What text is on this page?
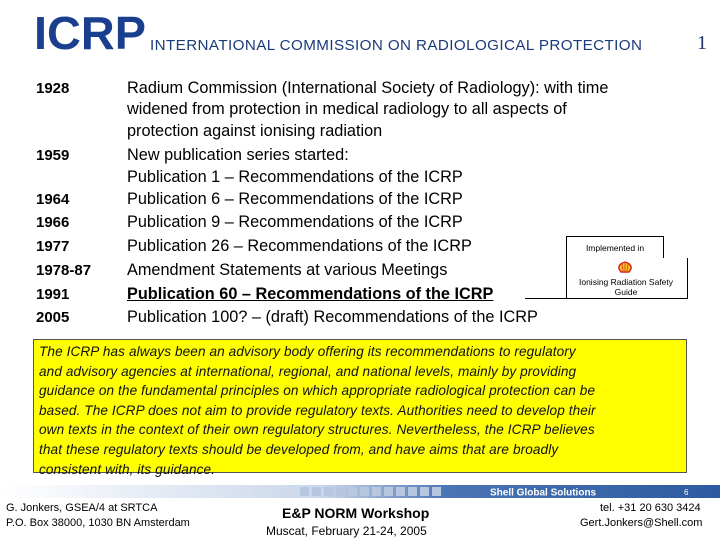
ICRP INTERNATIONAL COMMISSION ON RADIOLOGICAL PROTECTION	1
1928	Radium Commission (International Society of Radiology): with time
widened from protection in medical radiology to all aspects of
protection against ionising radiation
1959	New publication series started:
Publication 1 – Recommendations of the ICRP
1964	Publication 6 – Recommendations of the ICRP
1966	Publication 9 – Recommendations of the ICRP
1977	Publication 26 – Recommendations of the ICRP
1978-87 Amendment Statements at various Meetings
1991	Publication 60 – Recommendations of the ICRP
2005	Publication 100? – (draft) Recommendations of the ICRP
Implemented in
Ionising Radiation Safety
Guide

The ICRP has always been an advisory body offering its recommendations to regulatory

and advisory agencies at international, regional, and national levels, mainly by providing

guidance on the fundamental principles on which appropriate radiological protection can be

based. The ICRP does not aim to provide regulatory texts. Authorities need to develop their

own texts in the context of their own regulatory structures. Nevertheless, the ICRP believes

that these regulatory texts should be developed from, and have aims that are broadly

consistent with, its guidance.

Shell Global Solutions	6
G. Jonkers, GSEA/4 at SRTCA
P.O. Box 38000, 1030 BN Amsterdam
E&P NORM Workshop
Muscat, February 21-24, 2005
tel. +31 20 630 3424
Gert.Jonkers@Shell.com
